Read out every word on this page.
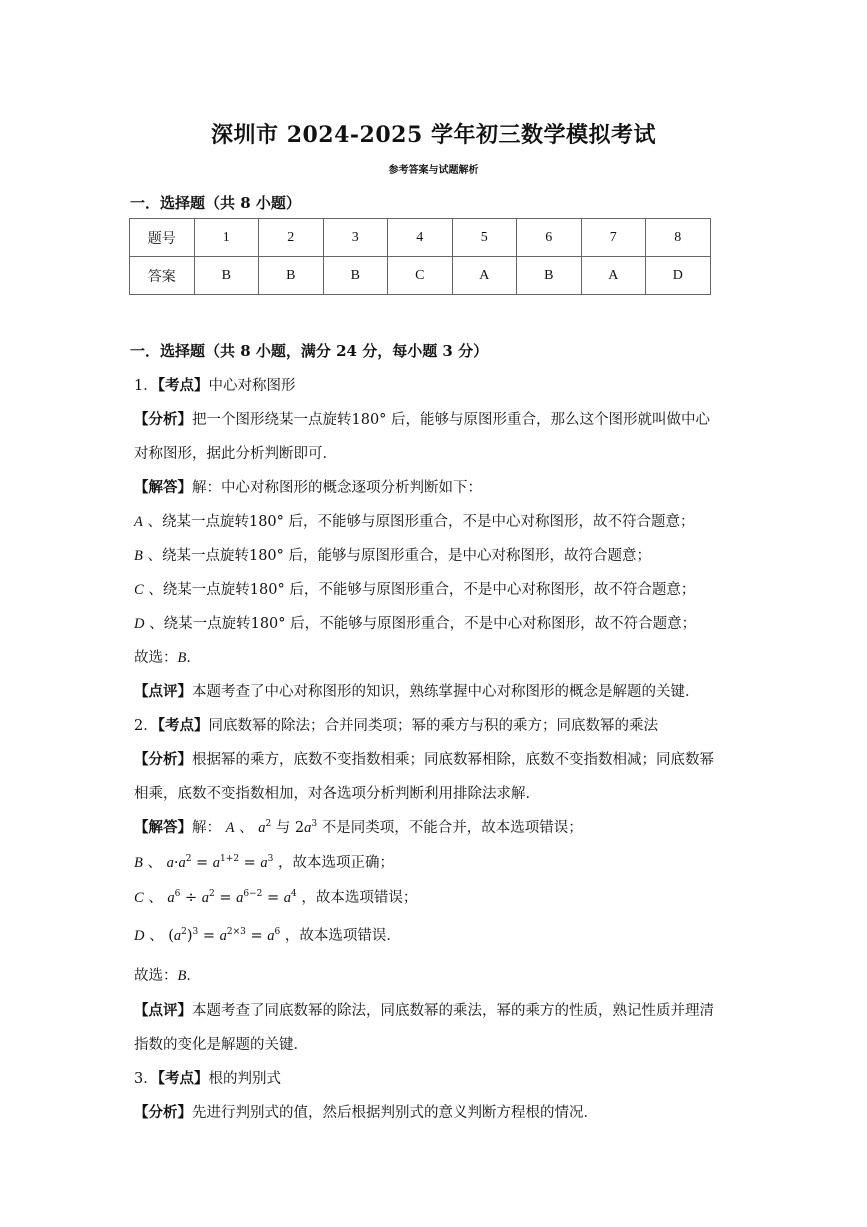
深圳市 2024-2025 学年初三数学模拟考试
参考答案与试题解析
一．选择题（共 8 小题）
题号	1	2	3	4	5	6	7	8
答案	B	B	B	C	A	B	A	D
一．选择题（共 8 小题，满分 24 分，每小题 3 分）
1．【考点】中心对称图形
【分析】把一个图形绕某一点旋转180° 后，能够与原图形重合，那么这个图形就叫做中心
对称图形，据此分析判断即可．
【解答】解：中心对称图形的概念逐项分析判断如下：
A 、绕某一点旋转180° 后，不能够与原图形重合，不是中心对称图形，故不符合题意；
B 、绕某一点旋转180° 后，能够与原图形重合，是中心对称图形，故符合题意；
C 、绕某一点旋转180° 后，不能够与原图形重合，不是中心对称图形，故不符合题意；
D 、绕某一点旋转180° 后，不能够与原图形重合，不是中心对称图形，故不符合题意；
故选：B．
【点评】本题考查了中心对称图形的知识，熟练掌握中心对称图形的概念是解题的关键．
2．【考点】同底数幂的除法；合并同类项；幂的乘方与积的乘方；同底数幂的乘法
【分析】根据幂的乘方，底数不变指数相乘；同底数幂相除，底数不变指数相减；同底数幂
相乘，底数不变指数相加，对各选项分析判断利用排除法求解．
【解答】解： A 、 $a^2$ 与 $2a^3$ 不是同类项，不能合并，故本选项错误；
B 、 $a\cdot a^2 = a^{1+2} = a^3$ ，故本选项正确；
C 、 $a^6 \div a^2 = a^{6-2} = a^4$ ，故本选项错误；
D 、 $(a^2)^3 = a^{2\times 3} = a^6$ ，故本选项错误．
故选：B．
【点评】本题考查了同底数幂的除法，同底数幂的乘法，幂的乘方的性质，熟记性质并理清
指数的变化是解题的关键．
3．【考点】根的判别式
【分析】先进行判别式的值，然后根据判别式的意义判断方程根的情况．
